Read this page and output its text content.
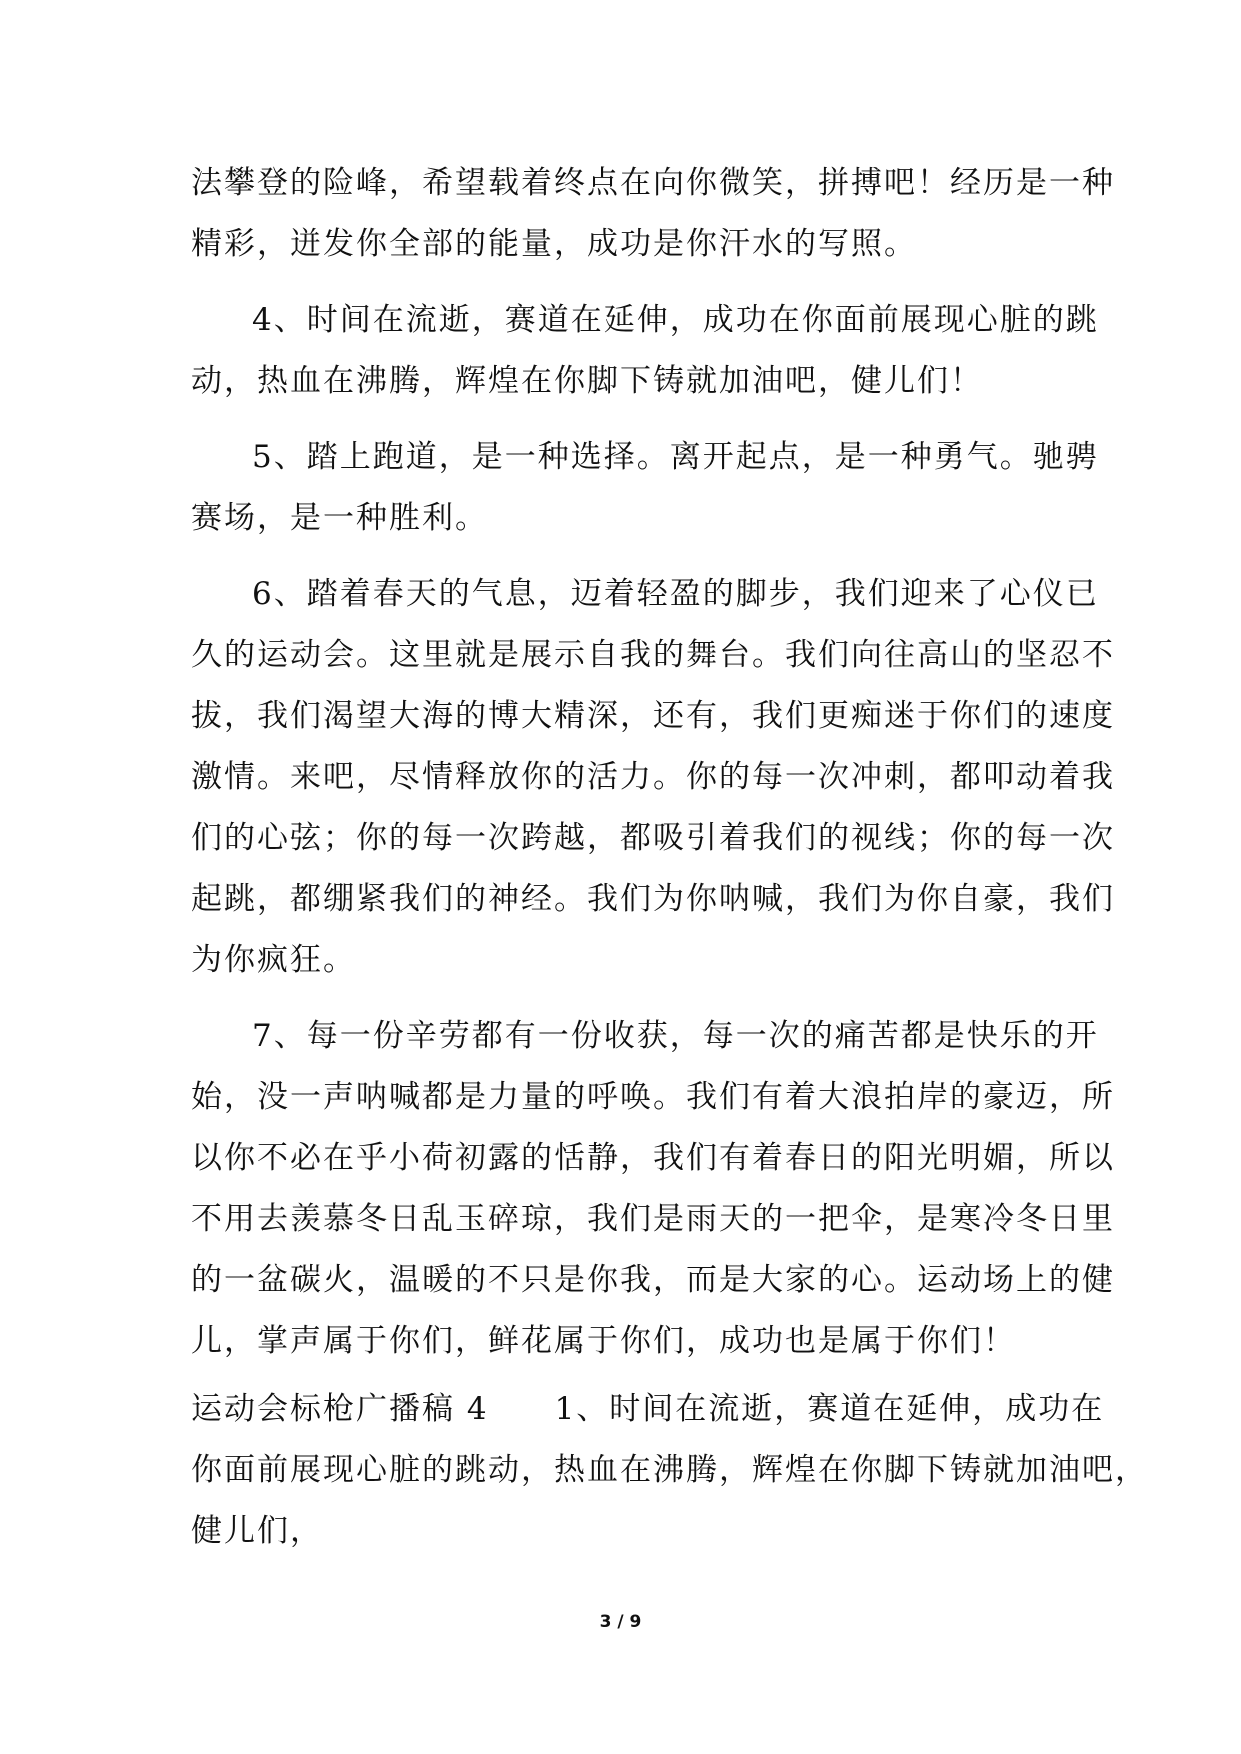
法攀登的险峰，希望载着终点在向你微笑，拼搏吧！经历是一种
精彩，迸发你全部的能量，成功是你汗水的写照。
4、时间在流逝，赛道在延伸，成功在你面前展现心脏的跳
动，热血在沸腾，辉煌在你脚下铸就加油吧，健儿们！
5、踏上跑道，是一种选择。离开起点，是一种勇气。驰骋
赛场，是一种胜利。
6、踏着春天的气息，迈着轻盈的脚步，我们迎来了心仪已
久的运动会。这里就是展示自我的舞台。我们向往高山的坚忍不
拔，我们渴望大海的博大精深，还有，我们更痴迷于你们的速度
激情。来吧，尽情释放你的活力。你的每一次冲刺，都叩动着我
们的心弦；你的每一次跨越，都吸引着我们的视线；你的每一次
起跳，都绷紧我们的神经。我们为你呐喊，我们为你自豪，我们
为你疯狂。
7、每一份辛劳都有一份收获，每一次的痛苦都是快乐的开
始，没一声呐喊都是力量的呼唤。我们有着大浪拍岸的豪迈，所
以你不必在乎小荷初露的恬静，我们有着春日的阳光明媚，所以
不用去羡慕冬日乱玉碎琼，我们是雨天的一把伞，是寒冷冬日里
的一盆碳火，温暖的不只是你我，而是大家的心。运动场上的健
儿，掌声属于你们，鲜花属于你们，成功也是属于你们！
运动会标枪广播稿 4　　1、时间在流逝，赛道在延伸，成功在
你面前展现心脏的跳动，热血在沸腾，辉煌在你脚下铸就加油吧，
健儿们，
3 / 9
